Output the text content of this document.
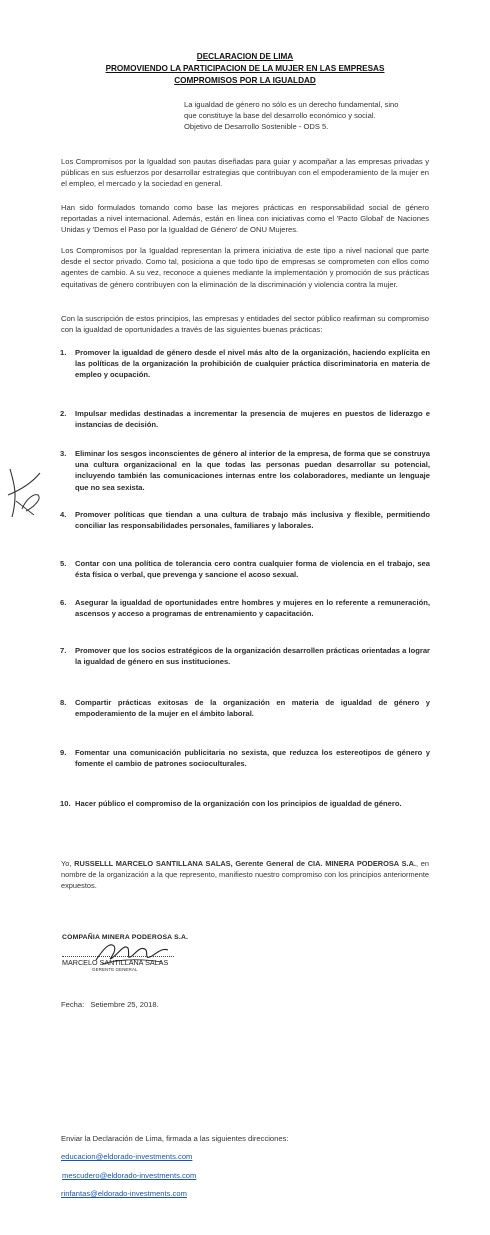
DECLARACION DE LIMA
PROMOVIENDO LA PARTICIPACION DE LA MUJER EN LAS EMPRESAS
COMPROMISOS POR LA IGUALDAD
La igualdad de género no sólo es un derecho fundamental, sino
que constituye la base del desarrollo económico y social.
Objetivo de Desarrollo Sostenible - ODS 5.
Los Compromisos por la Igualdad son pautas diseñadas para guiar y acompañar a las empresas privadas y públicas en sus esfuerzos por desarrollar estrategias que contribuyan con el empoderamiento de la mujer en el empleo, el mercado y la sociedad en general.
Han sido formulados tomando como base las mejores prácticas en responsabilidad social de género reportadas a nivel internacional. Además, están en línea con iniciativas como el 'Pacto Global' de Naciones Unidas y 'Demos el Paso por la Igualdad de Género' de ONU Mujeres.
Los Compromisos por la Igualdad representan la primera iniciativa de este tipo a nivel nacional que parte desde el sector privado. Como tal, posiciona a que todo tipo de empresas se comprometen con ellos como agentes de cambio. A su vez, reconoce a quienes mediante la implementación y promoción de sus prácticas equitativas de género contribuyen con la eliminación de la discriminación y violencia contra la mujer.
Con la suscripción de estos principios, las empresas y entidades del sector público reafirman su compromiso con la igualdad de oportunidades a través de las siguientes buenas prácticas:
1.	Promover la igualdad de género desde el nivel más alto de la organización, haciendo explícita en las políticas de la organización la prohibición de cualquier práctica discriminatoria en materia de empleo y ocupación.
2.	Impulsar medidas destinadas a incrementar la presencia de mujeres en puestos de liderazgo e instancias de decisión.
3.	Eliminar los sesgos inconscientes de género al interior de la empresa, de forma que se construya una cultura organizacional en la que todas las personas puedan desarrollar su potencial, incluyendo también las comunicaciones internas entre los colaboradores, mediante un lenguaje que no sea sexista.
4.	Promover políticas que tiendan a una cultura de trabajo más inclusiva y flexible, permitiendo conciliar las responsabilidades personales, familiares y laborales.
5.	Contar con una política de tolerancia cero contra cualquier forma de violencia en el trabajo, sea ésta física o verbal, que prevenga y sancione el acoso sexual.
6.	Asegurar la igualdad de oportunidades entre hombres y mujeres en lo referente a remuneración, ascensos y acceso a programas de entrenamiento y capacitación.
7.	Promover que los socios estratégicos de la organización desarrollen prácticas orientadas a lograr la igualdad de género en sus instituciones.
8.	Compartir prácticas exitosas de la organización en materia de igualdad de género y empoderamiento de la mujer en el ámbito laboral.
9.	Fomentar una comunicación publicitaria no sexista, que reduzca los estereotipos de género y fomente el cambio de patrones socioculturales.
10. Hacer público el compromiso de la organización con los principios de igualdad de género.
Yo, RUSSELLL MARCELO SANTILLANA SALAS, Gerente General de CIA. MINERA PODEROSA S.A., en nombre de la organización a la que represento, manifiesto nuestro compromiso con los principios anteriormente expuestos.
COMPAÑIA MINERA PODEROSA S.A.
MARCELO SANTILLANA SALAS
GERENTE GENERAL
Fecha: Setiembre 25, 2018.
Enviar la Declaración de Lima, firmada a las siguientes direcciones:
educacion@eldorado-investments.com
mescudero@eldorado-investments.com
rinfantas@eldorado-investments.com
